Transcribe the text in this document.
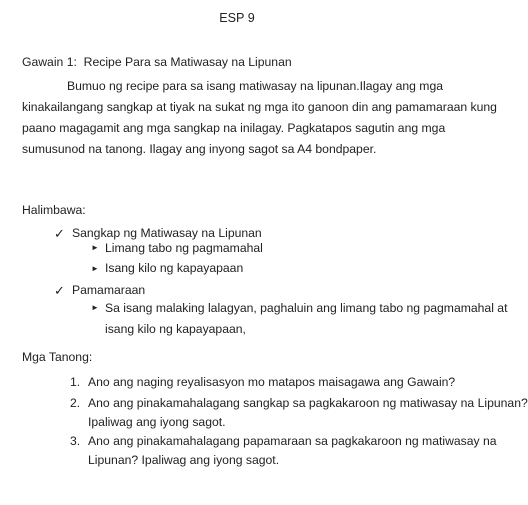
ESP 9
Gawain 1: Recipe Para sa Matiwasay na Lipunan
Bumuo ng recipe para sa isang matiwasay na lipunan.Ilagay ang mga
kinakailangang sangkap at tiyak na sukat ng mga ito ganoon din ang pamamaraan kung
paano magagamit ang mga sangkap na inilagay. Pagkatapos sagutin ang mga
sumusunod na tanong. Ilagay ang inyong sagot sa A4 bondpaper.
Halimbawa:
✓ Sangkap ng Matiwasay na Lipunan
► Limang tabo ng pagmamahal
► Isang kilo ng kapayapaan
✓ Pamamaraan
► Sa isang malaking lalagyan, paghaluin ang limang tabo ng pagmamahal at
isang kilo ng kapayapaan,
Mga Tanong:
1. Ano ang naging reyalisasyon mo matapos maisagawa ang Gawain?
2. Ano ang pinakamahalagang sangkap sa pagkakaroon ng matiwasay na Lipunan?
Ipaliwag ang iyong sagot.
3. Ano ang pinakamahalagang papamaraan sa pagkakaroon ng matiwasay na
Lipunan? Ipaliwag ang iyong sagot.
